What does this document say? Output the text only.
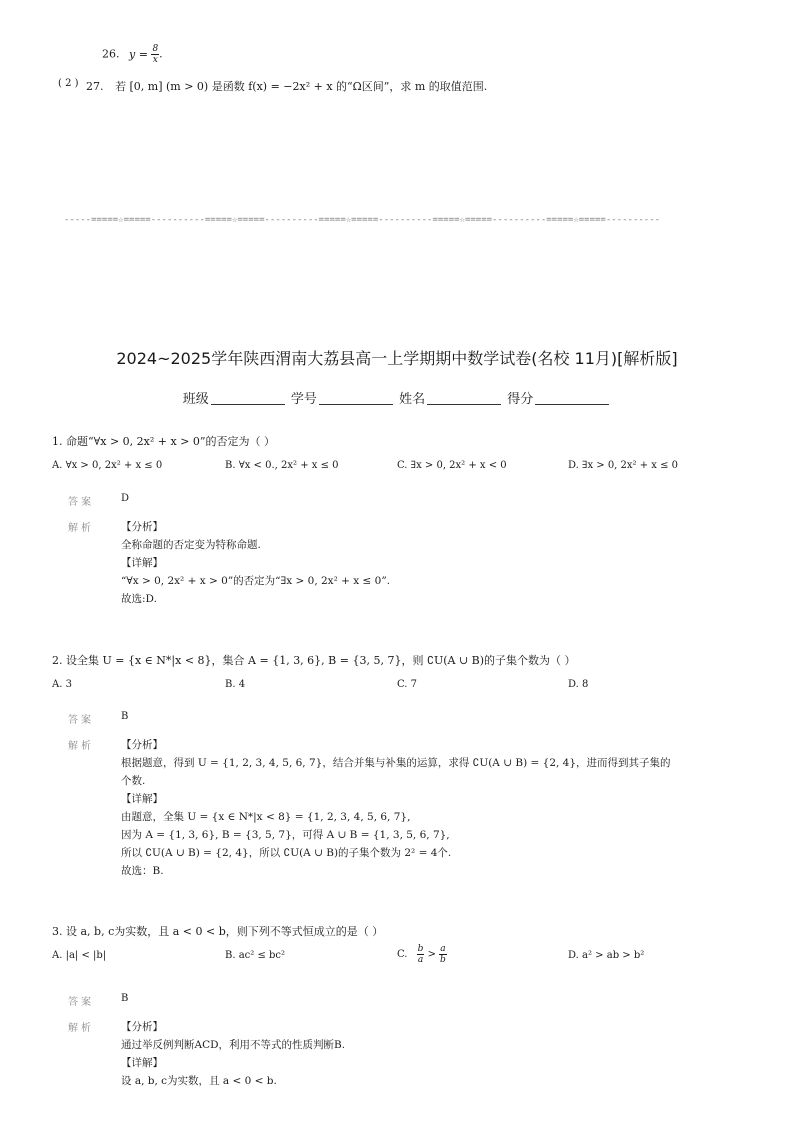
26. $y = \frac{8}{x}$ .
( 2 ) 27. 若 [0, m] (m > 0) 是函数 f(x) = −2x² + x 的“Ω区间”，求 m 的取值范围.
-----=====☆=====----------=====☆=====----------=====☆=====----------=====☆=====----------=====☆=====----------
2024~2025学年陕西渭南大荔县高一上学期期中数学试卷(名校 11月)[解析版]
班级	学号	姓名	得分
1. 命题“∀x > 0, 2x² + x > 0”的否定为（ ）
A. ∀x > 0, 2x² + x ≤ 0	B. ∀x < 0., 2x² + x ≤ 0	C. ∃x > 0, 2x² + x < 0	D. ∃x > 0, 2x² + x ≤ 0
答案	D
解析	【分析】
全称命题的否定变为特称命题.
【详解】
“∀x > 0, 2x² + x > 0”的否定为“∃x > 0, 2x² + x ≤ 0”.
故选:D.
2. 设全集 U = {x ∈ N*|x < 8}，集合 A = {1, 3, 6}, B = {3, 5, 7}，则 ∁U(A ∪ B)的子集个数为（ ）
A. 3	B. 4	C. 7	D. 8
答案	B
解析	【分析】
根据题意，得到 U = {1, 2, 3, 4, 5, 6, 7}，结合并集与补集的运算，求得 ∁U(A ∪ B) = {2, 4}，进而得到其子集的
个数.
【详解】
由题意，全集 U = {x ∈ N*|x < 8} = {1, 2, 3, 4, 5, 6, 7},
因为 A = {1, 3, 6}, B = {3, 5, 7}，可得 A ∪ B = {1, 3, 5, 6, 7},
所以 ∁U(A ∪ B) = {2, 4}，所以 ∁U(A ∪ B)的子集个数为 2² = 4个.
故选：B.
3. 设 a, b, c为实数，且 a < 0 < b，则下列不等式恒成立的是（ ）
A. |a| < |b|	B. ac² ≤ bc²	C. $\frac{b}{a} > \frac{a}{b}$	D. a² > ab > b²
答案	B
解析	【分析】
通过举反例判断ACD，利用不等式的性质判断B.
【详解】
设 a, b, c为实数，且 a < 0 < b.
